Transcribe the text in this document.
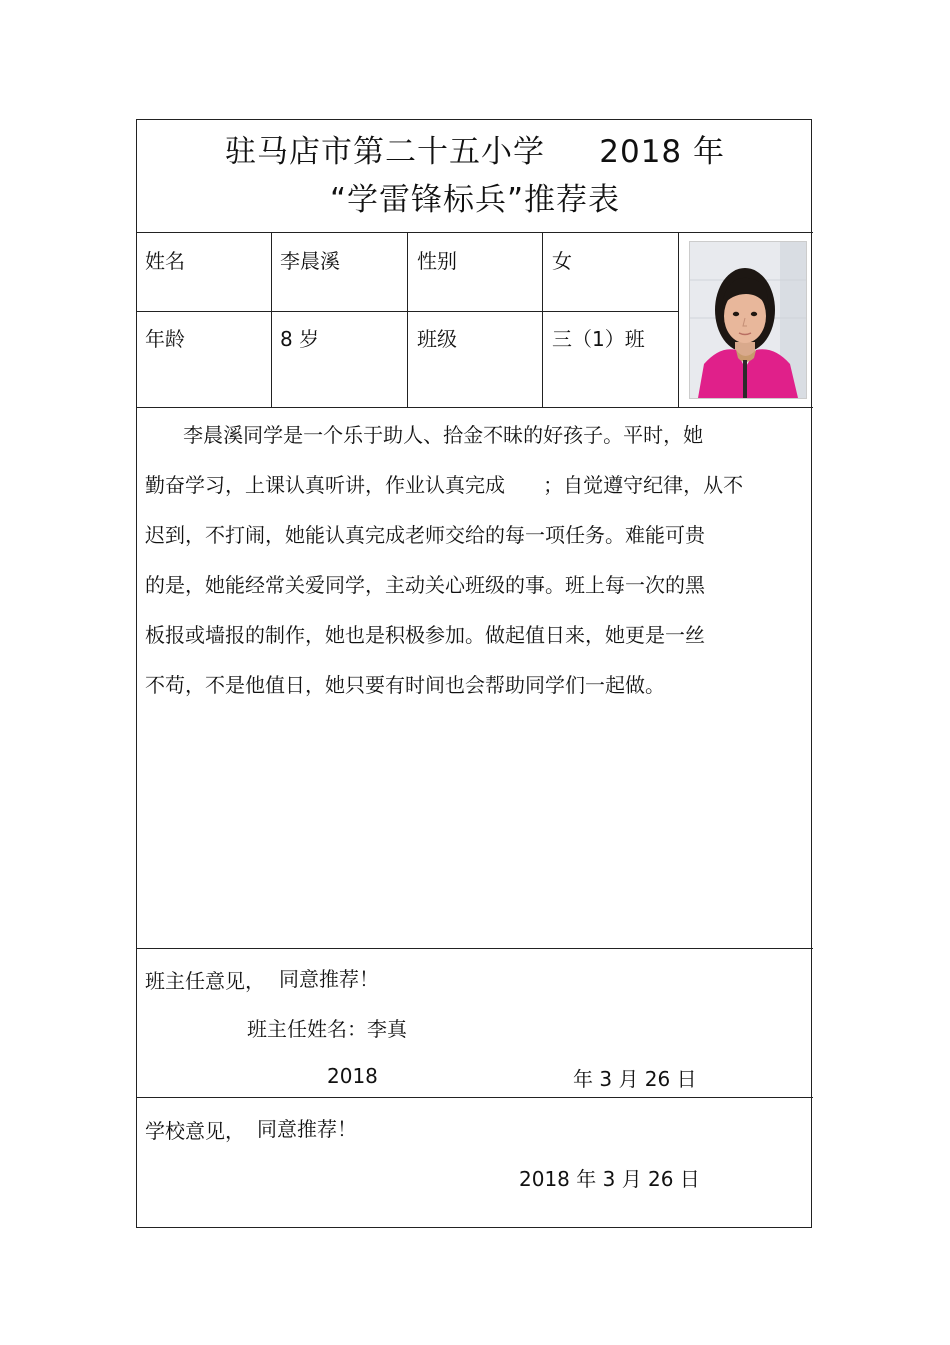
驻马店市第二十五小学     2018 年
“学雷锋标兵”推荐表
姓名	李晨溪	性别	女
年龄	8 岁	班级	三（1）班
李晨溪同学是一个乐于助人、拾金不昧的好孩子。平时，她
勤奋学习，上课认真听讲，作业认真完成      ；自觉遵守纪律，从不
迟到，不打闹，她能认真完成老师交给的每一项任务。难能可贵
的是，她能经常关爱同学，主动关心班级的事。班上每一次的黑
板报或墙报的制作，她也是积极参加。做起值日来，她更是一丝
不苟，不是他值日，她只要有时间也会帮助同学们一起做。
班主任意见， 同意推荐！
班主任姓名：李真
2018	年 3 月 26 日
学校意见， 同意推荐！
2018 年 3 月 26 日
